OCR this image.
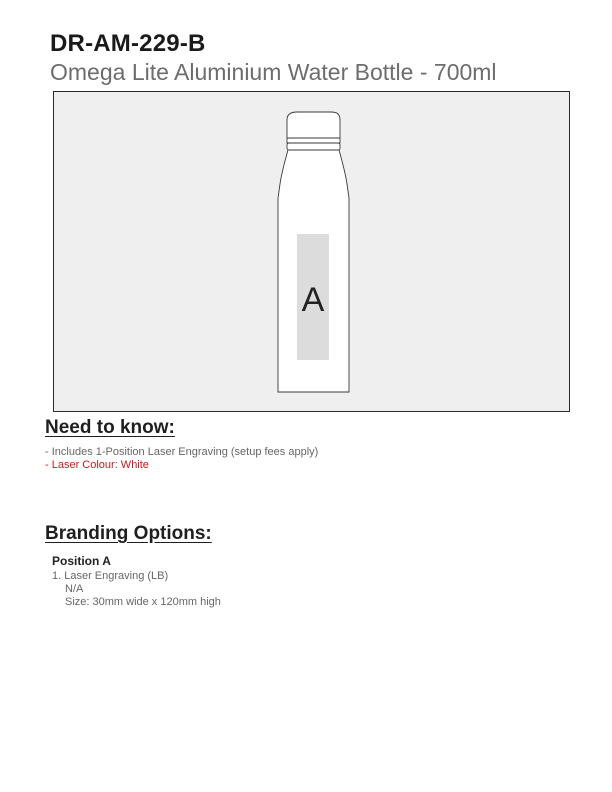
DR-AM-229-B
Omega Lite Aluminium Water Bottle - 700ml
A
Need to know:
- Includes 1-Position Laser Engraving (setup fees apply)
- Laser Colour: White
Branding Options:
Position A
1. Laser Engraving (LB)
N/A
Size: 30mm wide x 120mm high
